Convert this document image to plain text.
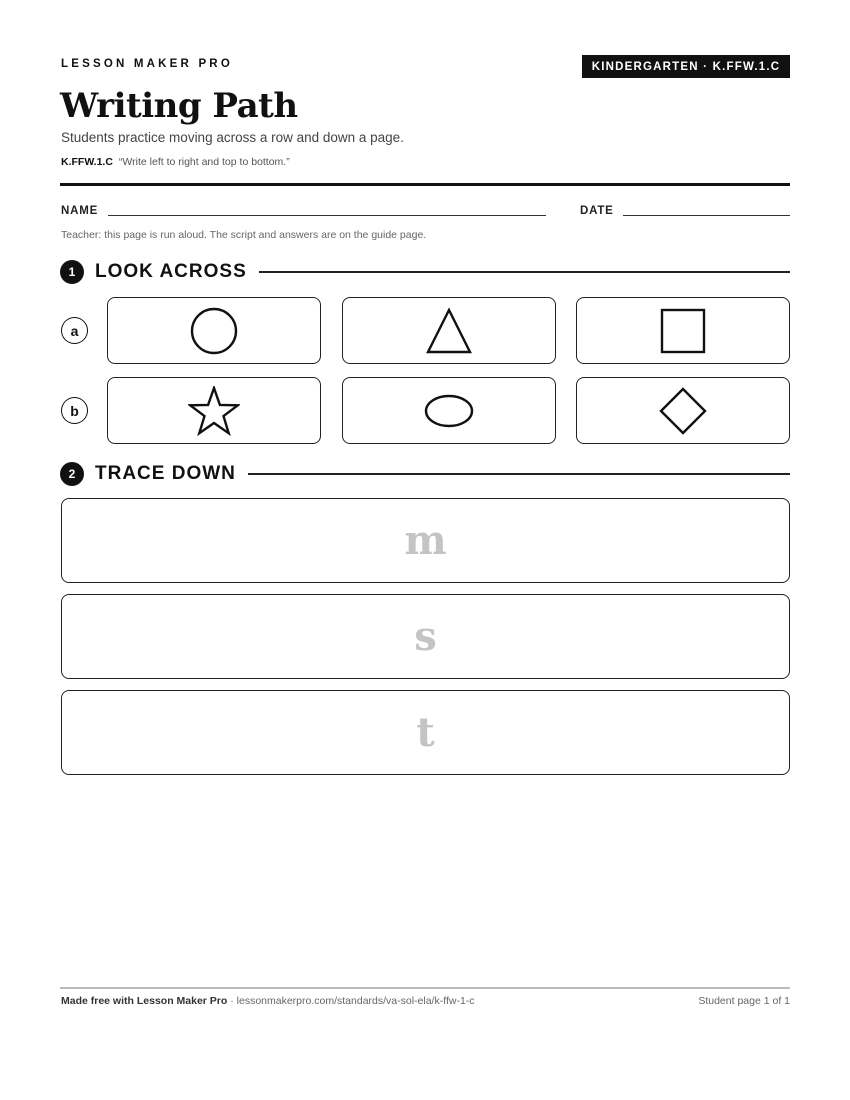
LESSON MAKER PRO	KINDERGARTEN · K.FFW.1.C
Writing Path
Students practice moving across a row and down a page.
K.FFW.1.C “Write left to right and top to bottom.”
NAME	DATE
Teacher: this page is run aloud. The script and answers are on the guide page.
1	LOOK ACROSS
a
b
2	TRACE DOWN
m
s
t
Made free with Lesson Maker Pro · lessonmakerpro.com/standards/va-sol-ela/k-ffw-1-c	Student page 1 of 1
